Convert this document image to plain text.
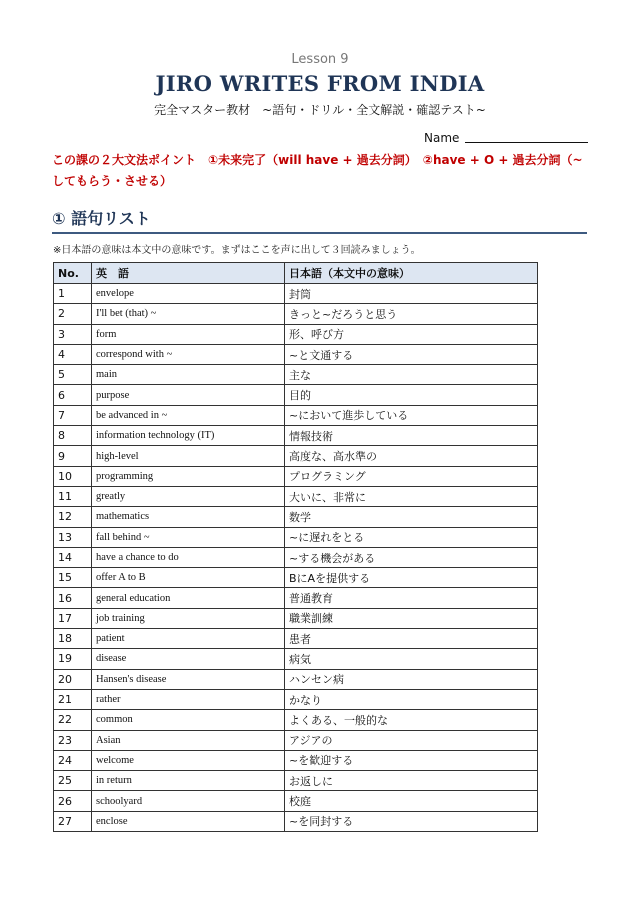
Lesson 9
JIRO WRITES FROM INDIA
完全マスター教材　~語句・ドリル・全文解説・確認テスト~
Name
この課の２大文法ポイント　①未来完了（will have + 過去分詞）　②have + O + 過去分詞（~してもらう・させる）
① 語句リスト
※日本語の意味は本文中の意味です。まずはここを声に出して３回読みましょう。
No.	英　語	日本語（本文中の意味）
1	envelope	封筒
2	I'll bet (that) ~	きっと~だろうと思う
3	form	形、呼び方
4	correspond with ~	~と文通する
5	main	主な
6	purpose	目的
7	be advanced in ~	~において進歩している
8	information technology (IT)	情報技術
9	high-level	高度な、高水準の
10	programming	プログラミング
11	greatly	大いに、非常に
12	mathematics	数学
13	fall behind ~	~に遅れをとる
14	have a chance to do	~する機会がある
15	offer A to B	BにAを提供する
16	general education	普通教育
17	job training	職業訓練
18	patient	患者
19	disease	病気
20	Hansen's disease	ハンセン病
21	rather	かなり
22	common	よくある、一般的な
23	Asian	アジアの
24	welcome	~を歓迎する
25	in return	お返しに
26	schoolyard	校庭
27	enclose	~を同封する
